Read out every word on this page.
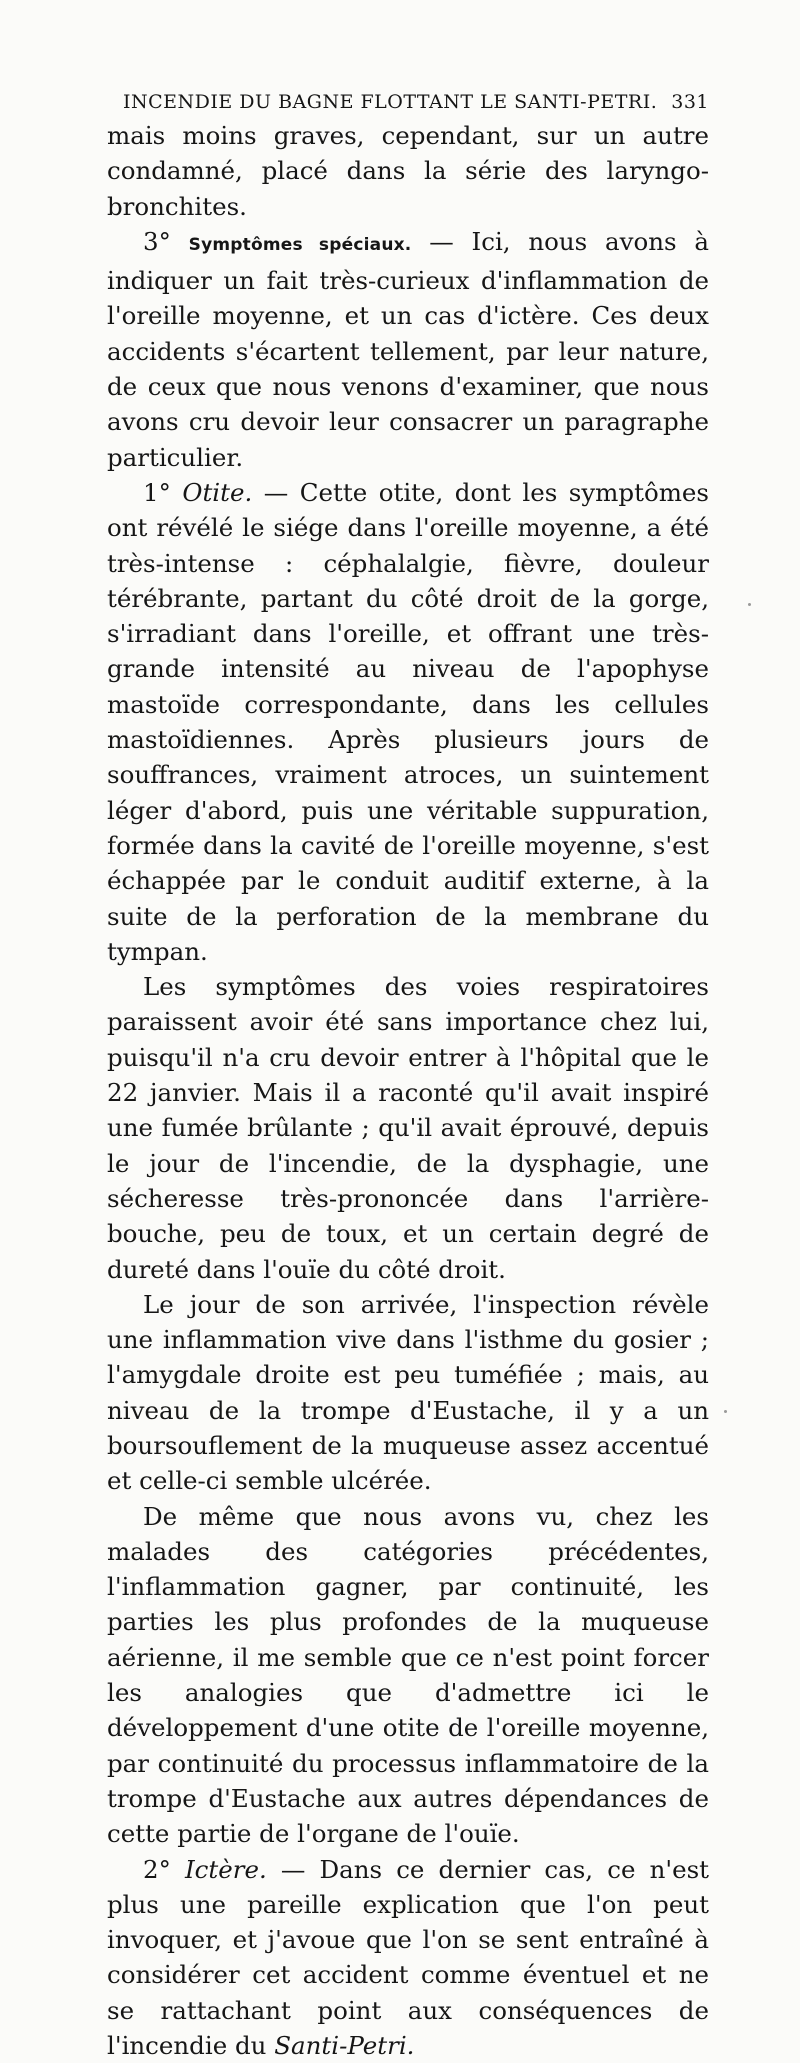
INCENDIE DU BAGNE FLOTTANT LE SANTI-PETRI. 331

mais moins graves, cependant, sur un autre condamné, placé dans la série des laryngo-bronchites.

3° Symptômes spéciaux. — Ici, nous avons à indiquer un fait très-curieux d'inflammation de l'oreille moyenne, et un cas d'ictère. Ces deux accidents s'écartent tellement, par leur nature, de ceux que nous venons d'examiner, que nous avons cru devoir leur consacrer un paragraphe particulier.

1° Otite. — Cette otite, dont les symptômes ont révélé le siége dans l'oreille moyenne, a été très-intense : céphalalgie, fièvre, douleur térébrante, partant du côté droit de la gorge, s'irradiant dans l'oreille, et offrant une très-grande intensité au niveau de l'apophyse mastoïde correspondante, dans les cellules mastoïdiennes. Après plusieurs jours de souffrances, vraiment atroces, un suintement léger d'abord, puis une véritable suppuration, formée dans la cavité de l'oreille moyenne, s'est échappée par le conduit auditif externe, à la suite de la perforation de la membrane du tympan.

Les symptômes des voies respiratoires paraissent avoir été sans importance chez lui, puisqu'il n'a cru devoir entrer à l'hôpital que le 22 janvier. Mais il a raconté qu'il avait inspiré une fumée brûlante ; qu'il avait éprouvé, depuis le jour de l'incendie, de la dysphagie, une sécheresse très-prononcée dans l'arrière-bouche, peu de toux, et un certain degré de dureté dans l'ouïe du côté droit.

Le jour de son arrivée, l'inspection révèle une inflammation vive dans l'isthme du gosier ; l'amygdale droite est peu tuméfiée ; mais, au niveau de la trompe d'Eustache, il y a un boursouflement de la muqueuse assez accentué et celle-ci semble ulcérée.

De même que nous avons vu, chez les malades des catégories précédentes, l'inflammation gagner, par continuité, les parties les plus profondes de la muqueuse aérienne, il me semble que ce n'est point forcer les analogies que d'admettre ici le développement d'une otite de l'oreille moyenne, par continuité du processus inflammatoire de la trompe d'Eustache aux autres dépendances de cette partie de l'organe de l'ouïe.

2° Ictère. — Dans ce dernier cas, ce n'est plus une pareille explication que l'on peut invoquer, et j'avoue que l'on se sent entraîné à considérer cet accident comme éventuel et ne se rattachant point aux conséquences de l'incendie du Santi-Petri.
